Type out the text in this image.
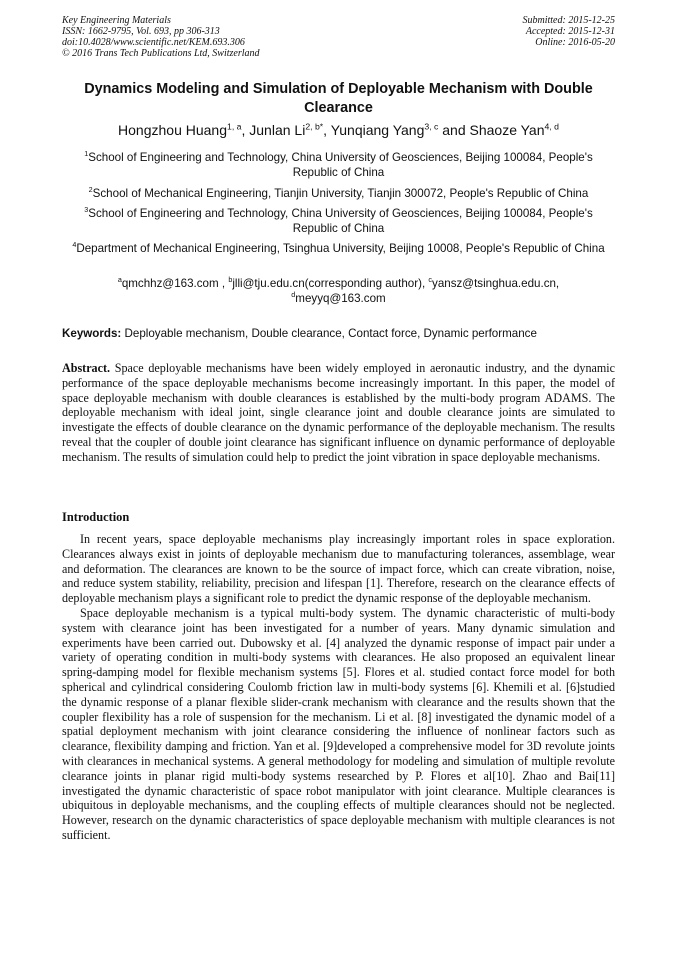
Key Engineering Materials
ISSN: 1662-9795, Vol. 693, pp 306-313
doi:10.4028/www.scientific.net/KEM.693.306
© 2016 Trans Tech Publications Ltd, Switzerland
Submitted: 2015-12-25
Accepted: 2015-12-31
Online: 2016-05-20
Dynamics Modeling and Simulation of Deployable Mechanism with Double Clearance
Hongzhou Huang$^{1, a}$, Junlan $Li^{2, b*}$, Yunqiang Yang$^{3, c}$ and Shaoze Yan$^{4, d}$
$^1$School of Engineering and Technology, China University of Geosciences, Beijing 100084, People's Republic of China
$^2$School of Mechanical Engineering, Tianjin University, Tianjin 300072, People's Republic of China
$^3$School of Engineering and Technology, China University of Geosciences, Beijing 100084, People's Republic of China
$^4$Department of Mechanical Engineering, Tsinghua University, Beijing 10008, People's Republic of China
$^a$qmchhz@163.com , $^b$jlli@tju.edu.cn(corresponding author), $^c$yansz@tsinghua.edu.cn,
$^d$meyyq@163.com
Keywords: Deployable mechanism, Double clearance, Contact force, Dynamic performance
Abstract. Space deployable mechanisms have been widely employed in aeronautic industry, and the dynamic performance of the space deployable mechanisms become increasingly important. In this paper, the model of space deployable mechanism with double clearances is established by the multi-body program ADAMS. The deployable mechanism with ideal joint, single clearance joint and double clearance joints are simulated to investigate the effects of double clearance on the dynamic performance of the deployable mechanism. The results reveal that the coupler of double joint clearance has significant influence on dynamic performance of deployable mechanism. The results of simulation could help to predict the joint vibration in space deployable mechanisms.
Introduction

In recent years, space deployable mechanisms play increasingly important roles in space exploration. Clearances always exist in joints of deployable mechanism due to manufacturing tolerances, assemblage, wear and deformation. The clearances are known to be the source of impact force, which can create vibration, noise, and reduce system stability, reliability, precision and lifespan [1]. Therefore, research on the clearance effects of deployable mechanism plays a significant role to predict the dynamic response of the deployable mechanism.

Space deployable mechanism is a typical multi-body system. The dynamic characteristic of multi-body system with clearance joint has been investigated for a number of years. Many dynamic simulation and experiments have been carried out. Dubowsky et al. [4] analyzed the dynamic response of impact pair under a variety of operating condition in multi-body systems with clearances. He also proposed an equivalent linear spring-damping model for flexible mechanism systems [5]. Flores et al. studied contact force model for both spherical and cylindrical considering Coulomb friction law in multi-body systems [6]. Khemili et al. [6]studied the dynamic response of a planar flexible slider-crank mechanism with clearance and the results shown that the coupler flexibility has a role of suspension for the mechanism. Li et al. [8] investigated the dynamic model of a spatial deployment mechanism with joint clearance considering the influence of nonlinear factors such as clearance, flexibility damping and friction. Yan et al. [9]developed a comprehensive model for 3D revolute joints with clearances in mechanical systems. A general methodology for modeling and simulation of multiple revolute clearance joints in planar rigid multi-body systems researched by P. Flores et al[10]. Zhao and Bai[11] investigated the dynamic characteristic of space robot manipulator with joint clearance. Multiple clearances is ubiquitous in deployable mechanisms, and the coupling effects of multiple clearances should not be neglected. However, research on the dynamic characteristics of space deployable mechanism with multiple clearances is not sufficient.
